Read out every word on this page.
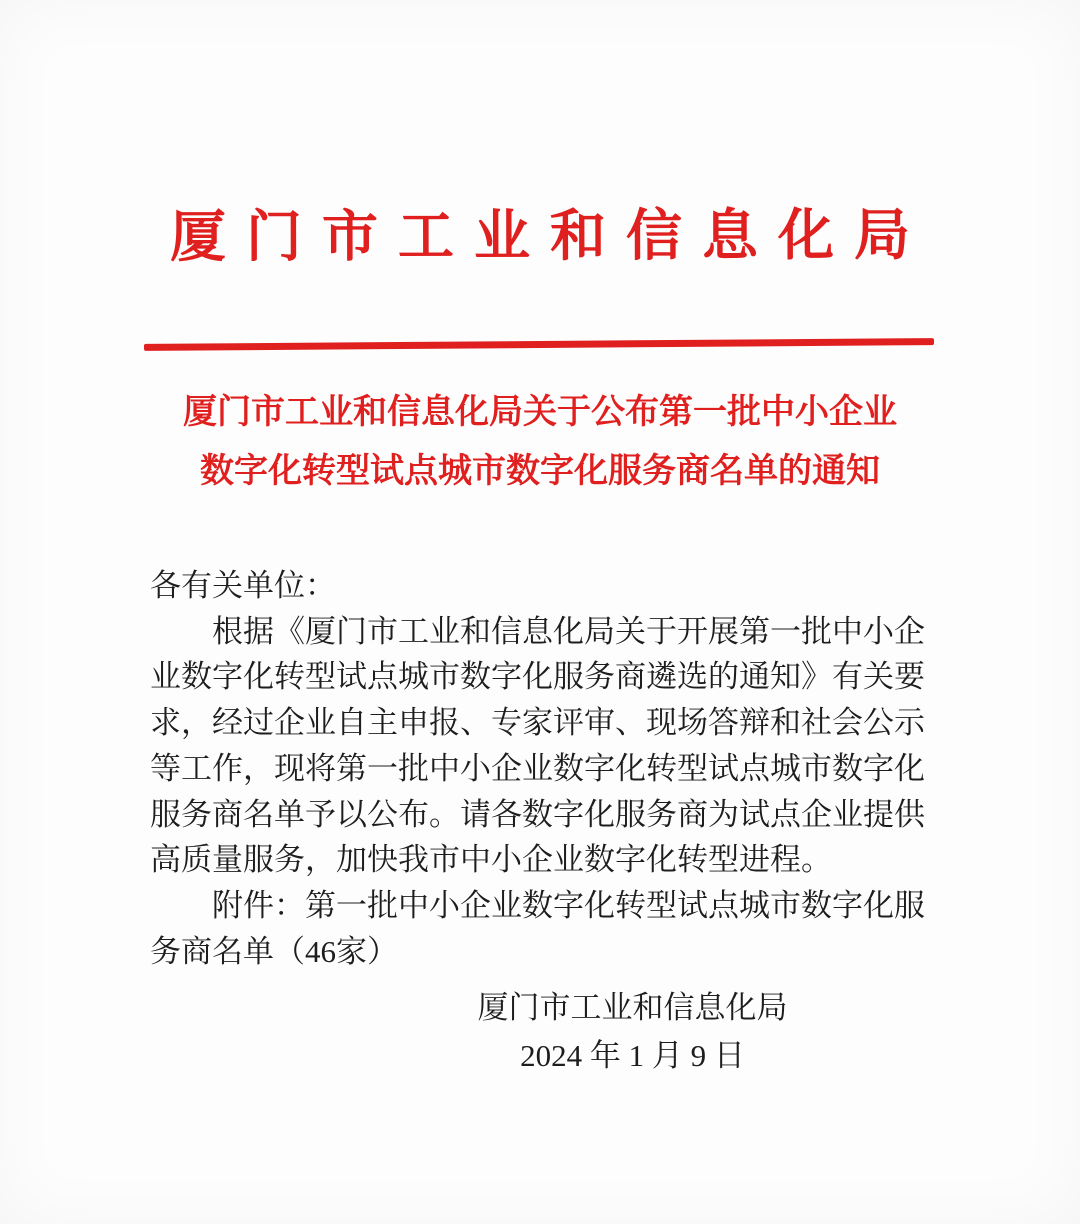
厦门市工业和信息化局
厦门市工业和信息化局关于公布第一批中小企业
数字化转型试点城市数字化服务商名单的通知
各有关单位：
根据《厦门市工业和信息化局关于开展第一批中小企
业数字化转型试点城市数字化服务商遴选的通知》有关要
求，经过企业自主申报、专家评审、现场答辩和社会公示
等工作，现将第一批中小企业数字化转型试点城市数字化
服务商名单予以公布。请各数字化服务商为试点企业提供
高质量服务，加快我市中小企业数字化转型进程。
附件：第一批中小企业数字化转型试点城市数字化服
务商名单（46家）
厦门市工业和信息化局
2024 年 1 月 9 日
